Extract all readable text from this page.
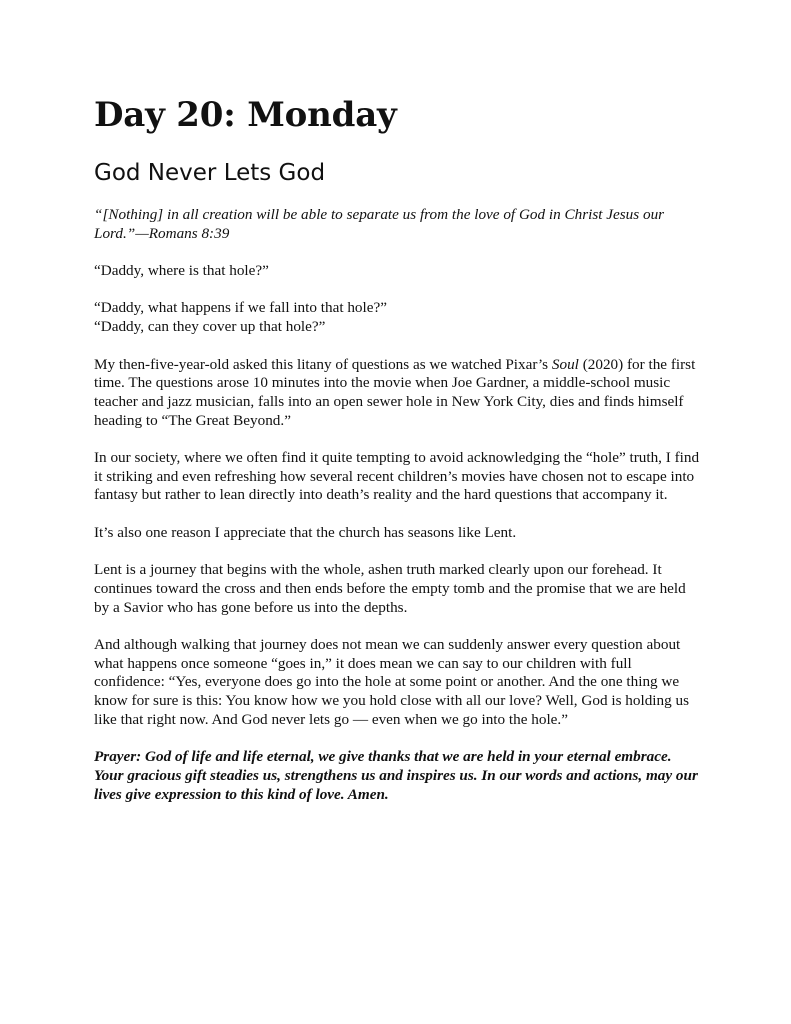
Day 20: Monday
God Never Lets God

“[Nothing] in all creation will be able to separate us from the love of God in Christ Jesus our Lord.”—Romans 8:39

“Daddy, where is that hole?”

“Daddy, what happens if we fall into that hole?”
“Daddy, can they cover up that hole?”

My then-five-year-old asked this litany of questions as we watched Pixar’s Soul (2020) for the first time. The questions arose 10 minutes into the movie when Joe Gardner, a middle-school music teacher and jazz musician, falls into an open sewer hole in New York City, dies and finds himself heading to “The Great Beyond.”

In our society, where we often find it quite tempting to avoid acknowledging the “hole” truth, I find it striking and even refreshing how several recent children’s movies have chosen not to escape into fantasy but rather to lean directly into death’s reality and the hard questions that accompany it.

It’s also one reason I appreciate that the church has seasons like Lent.

Lent is a journey that begins with the whole, ashen truth marked clearly upon our forehead. It continues toward the cross and then ends before the empty tomb and the promise that we are held by a Savior who has gone before us into the depths.

And although walking that journey does not mean we can suddenly answer every question about what happens once someone “goes in,” it does mean we can say to our children with full confidence: “Yes, everyone does go into the hole at some point or another. And the one thing we know for sure is this: You know how we you hold close with all our love? Well, God is holding us like that right now. And God never lets go — even when we go into the hole.”

Prayer: God of life and life eternal, we give thanks that we are held in your eternal embrace. Your gracious gift steadies us, strengthens us and inspires us. In our words and actions, may our lives give expression to this kind of love. Amen.
